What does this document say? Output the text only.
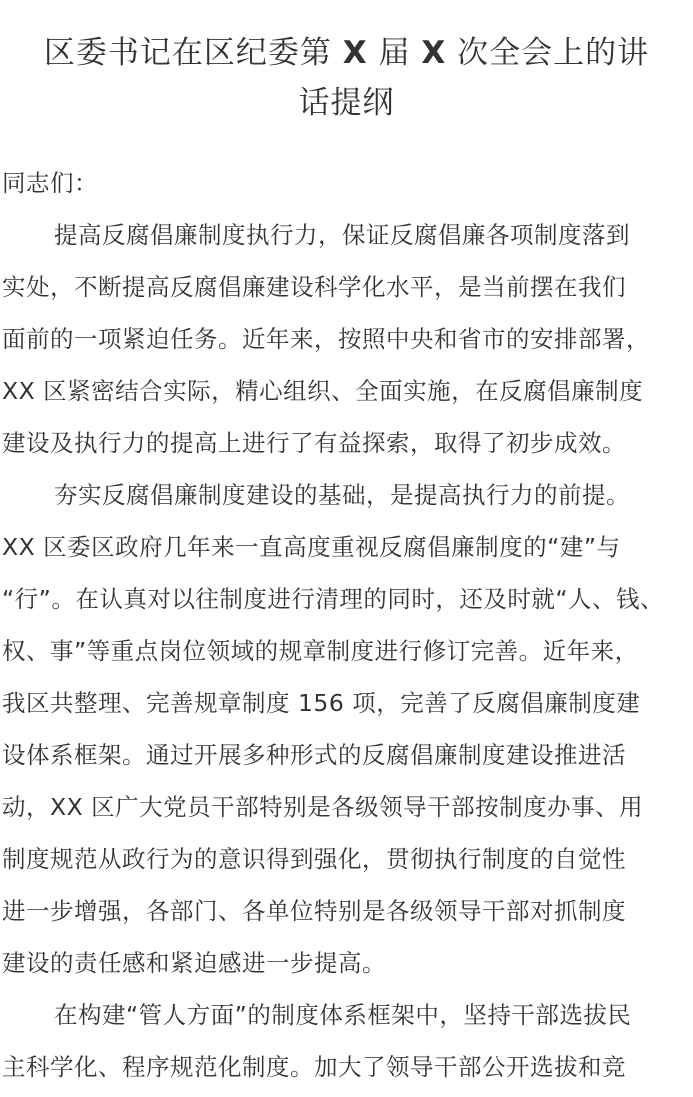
区委书记在区纪委第 X 届 X 次全会上的讲
话提纲

同志们：

提高反腐倡廉制度执行力，保证反腐倡廉各项制度落到

实处，不断提高反腐倡廉建设科学化水平，是当前摆在我们

面前的一项紧迫任务。近年来，按照中央和省市的安排部署，

XX 区紧密结合实际，精心组织、全面实施，在反腐倡廉制度

建设及执行力的提高上进行了有益探索，取得了初步成效。

夯实反腐倡廉制度建设的基础，是提高执行力的前提。

XX 区委区政府几年来一直高度重视反腐倡廉制度的“建”与

“行”。在认真对以往制度进行清理的同时，还及时就“人、钱、

权、事”等重点岗位领域的规章制度进行修订完善。近年来，

我区共整理、完善规章制度 156 项，完善了反腐倡廉制度建

设体系框架。通过开展多种形式的反腐倡廉制度建设推进活

动，XX 区广大党员干部特别是各级领导干部按制度办事、用

制度规范从政行为的意识得到强化，贯彻执行制度的自觉性

进一步增强，各部门、各单位特别是各级领导干部对抓制度

建设的责任感和紧迫感进一步提高。

在构建“管人方面”的制度体系框架中，坚持干部选拔民

主科学化、程序规范化制度。加大了领导干部公开选拔和竞
